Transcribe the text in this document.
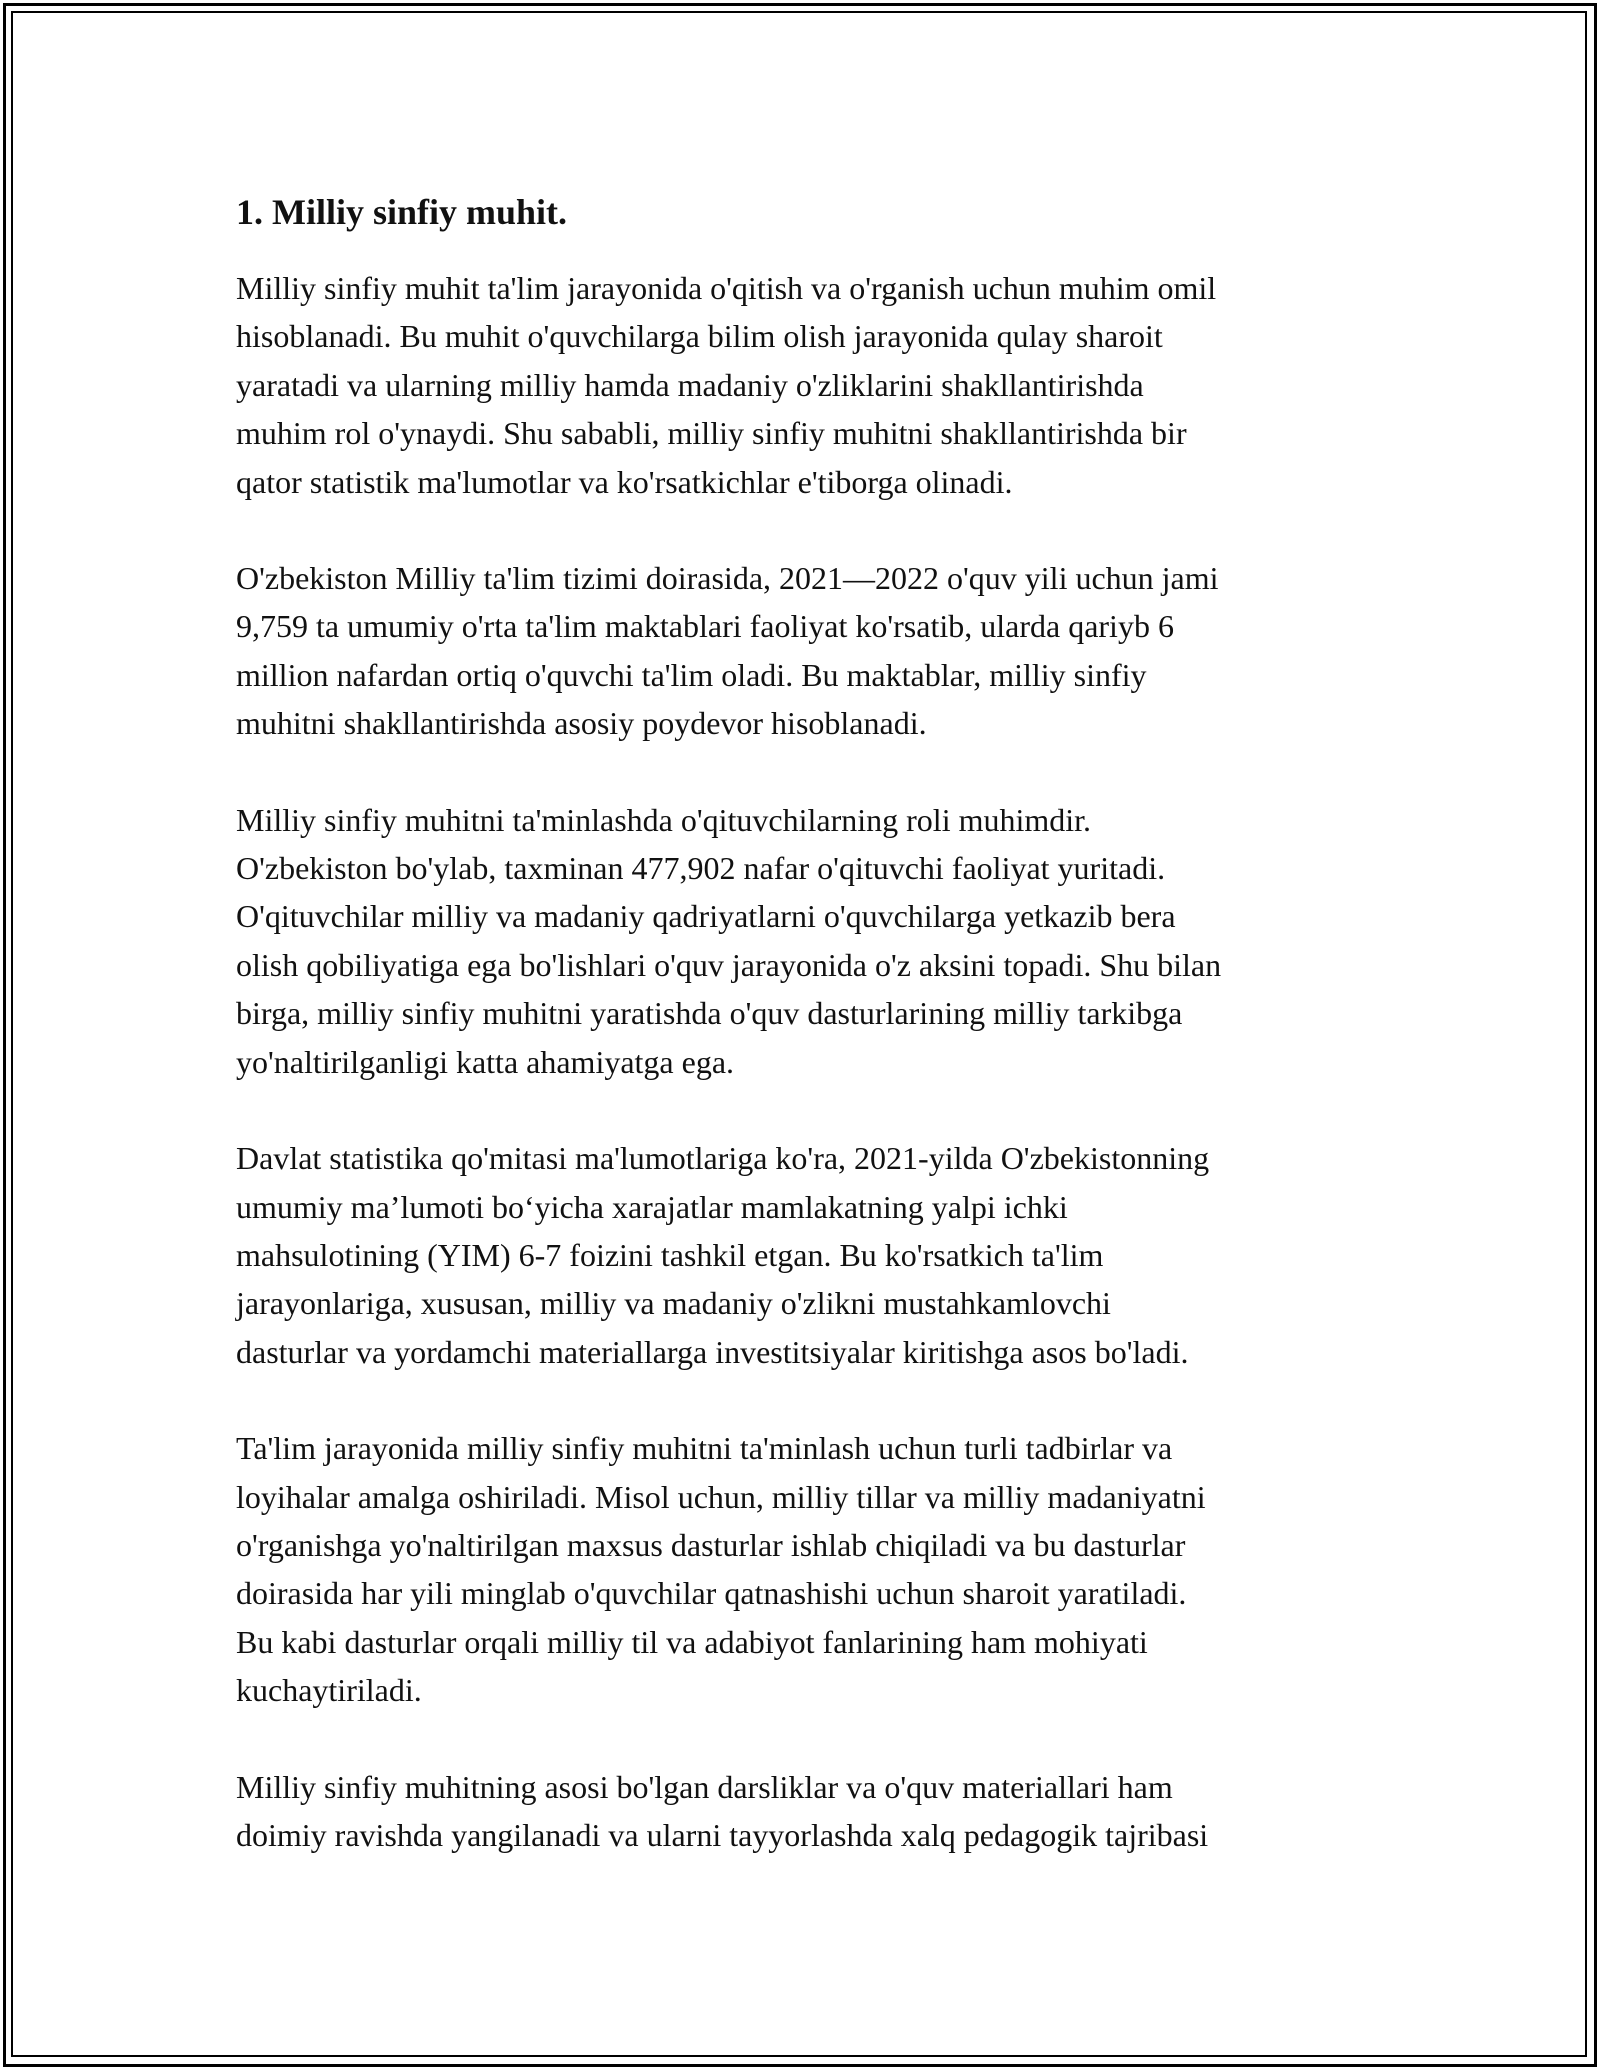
1. Milliy sinfiy muhit.
Milliy sinfiy muhit ta'lim jarayonida o'qitish va o'rganish uchun muhim omil
hisoblanadi. Bu muhit o'quvchilarga bilim olish jarayonida qulay sharoit
yaratadi va ularning milliy hamda madaniy o'zliklarini shakllantirishda
muhim rol o'ynaydi. Shu sababli, milliy sinfiy muhitni shakllantirishda bir
qator statistik ma'lumotlar va ko'rsatkichlar e'tiborga olinadi.
O'zbekiston Milliy ta'lim tizimi doirasida, 2021—2022 o'quv yili uchun jami
9,759 ta umumiy o'rta ta'lim maktablari faoliyat ko'rsatib, ularda qariyb 6
million nafardan ortiq o'quvchi ta'lim oladi. Bu maktablar, milliy sinfiy
muhitni shakllantirishda asosiy poydevor hisoblanadi.
Milliy sinfiy muhitni ta'minlashda o'qituvchilarning roli muhimdir.
O'zbekiston bo'ylab, taxminan 477,902 nafar o'qituvchi faoliyat yuritadi.
O'qituvchilar milliy va madaniy qadriyatlarni o'quvchilarga yetkazib bera
olish qobiliyatiga ega bo'lishlari o'quv jarayonida o'z aksini topadi. Shu bilan
birga, milliy sinfiy muhitni yaratishda o'quv dasturlarining milliy tarkibga
yo'naltirilganligi katta ahamiyatga ega.
Davlat statistika qo'mitasi ma'lumotlariga ko'ra, 2021-yilda O'zbekistonning
umumiy ma’lumoti bo‘yicha xarajatlar mamlakatning yalpi ichki
mahsulotining (YIM) 6-7 foizini tashkil etgan. Bu ko'rsatkich ta'lim
jarayonlariga, xususan, milliy va madaniy o'zlikni mustahkamlovchi
dasturlar va yordamchi materiallarga investitsiyalar kiritishga asos bo'ladi.
Ta'lim jarayonida milliy sinfiy muhitni ta'minlash uchun turli tadbirlar va
loyihalar amalga oshiriladi. Misol uchun, milliy tillar va milliy madaniyatni
o'rganishga yo'naltirilgan maxsus dasturlar ishlab chiqiladi va bu dasturlar
doirasida har yili minglab o'quvchilar qatnashishi uchun sharoit yaratiladi.
Bu kabi dasturlar orqali milliy til va adabiyot fanlarining ham mohiyati
kuchaytiriladi.
Milliy sinfiy muhitning asosi bo'lgan darsliklar va o'quv materiallari ham
doimiy ravishda yangilanadi va ularni tayyorlashda xalq pedagogik tajribasi
